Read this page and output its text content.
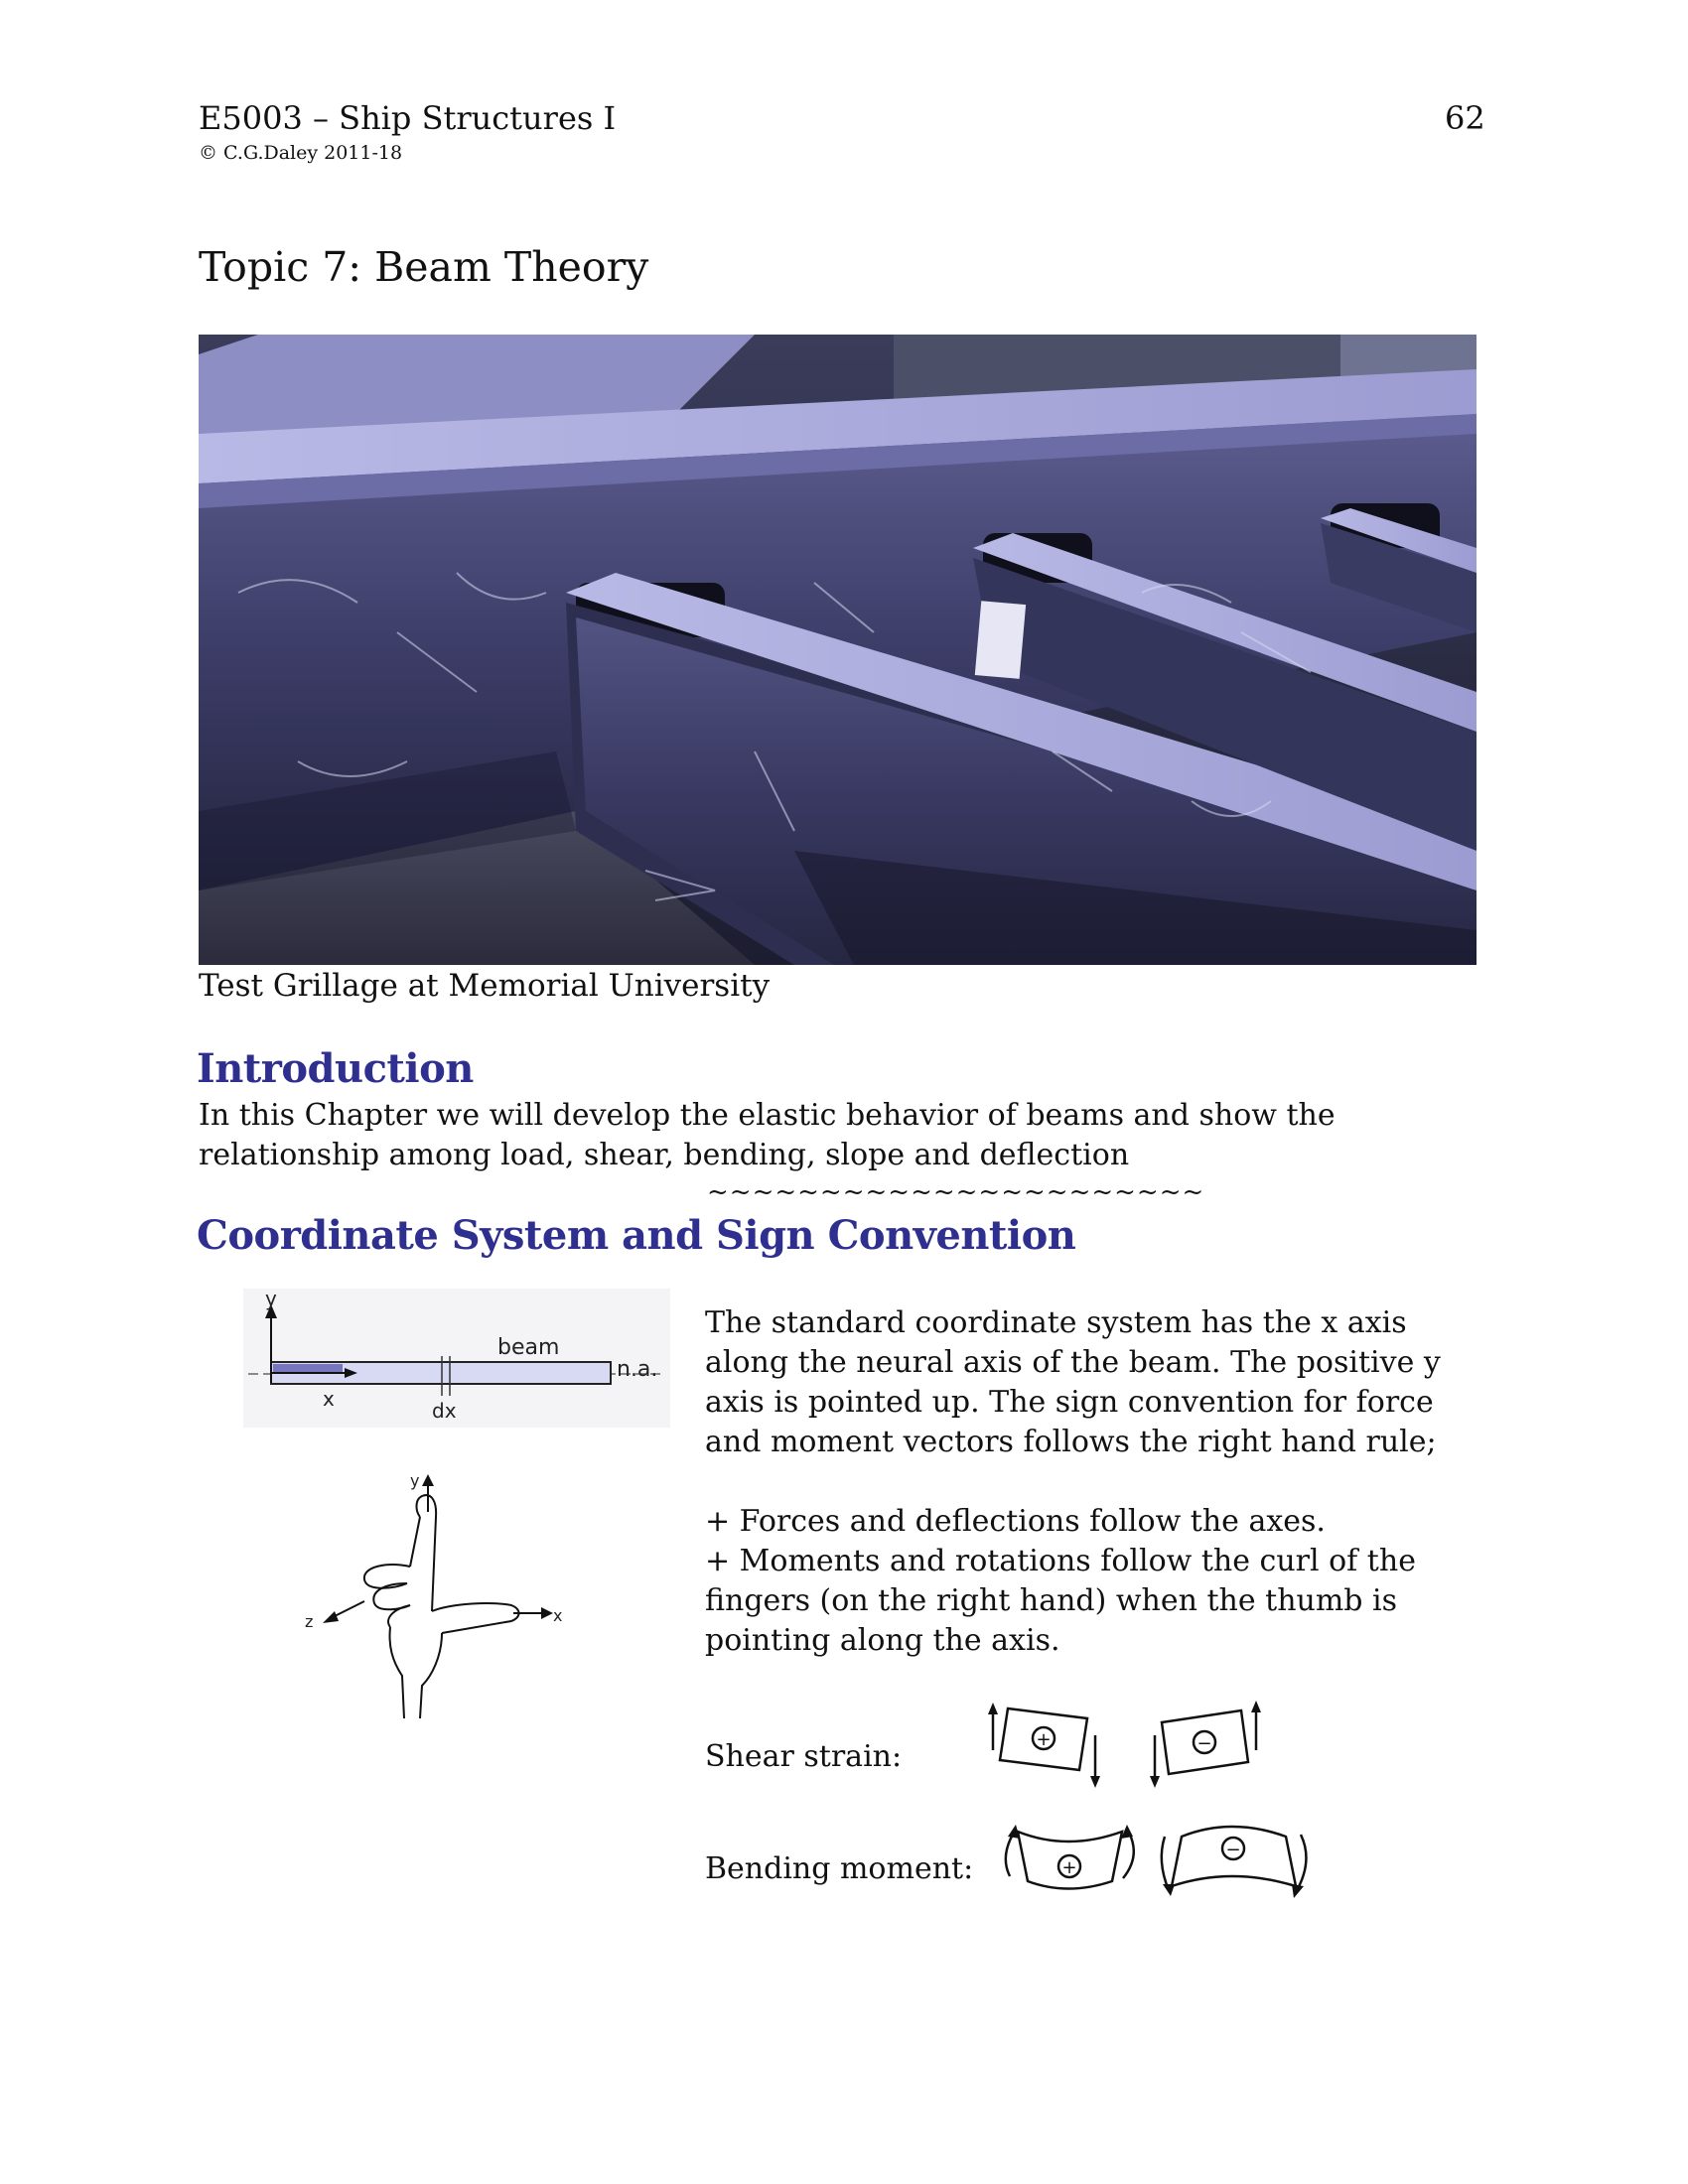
E5003 – Ship Structures I	62
© C.G.Daley 2011-18
Topic 7: Beam Theory
Test Grillage at Memorial University
Introduction
In this Chapter we will develop the elastic behavior of beams and show the
relationship among load, shear, bending, slope and deflection
~~~~~~~~~~~~~~~~~~~~~~
Coordinate System and Sign Convention
y
x
beam
n.a.
dx
y
x
z

The standard coordinate system has the x axis

along the neural axis of the beam. The positive y

axis is pointed up. The sign convention for force

and moment vectors follows the right hand rule;

+ Forces and deflections follow the axes.

+ Moments and rotations follow the curl of the

fingers (on the right hand) when the thumb is

pointing along the axis.

Shear strain:
Bending moment:
+	−
+
−
